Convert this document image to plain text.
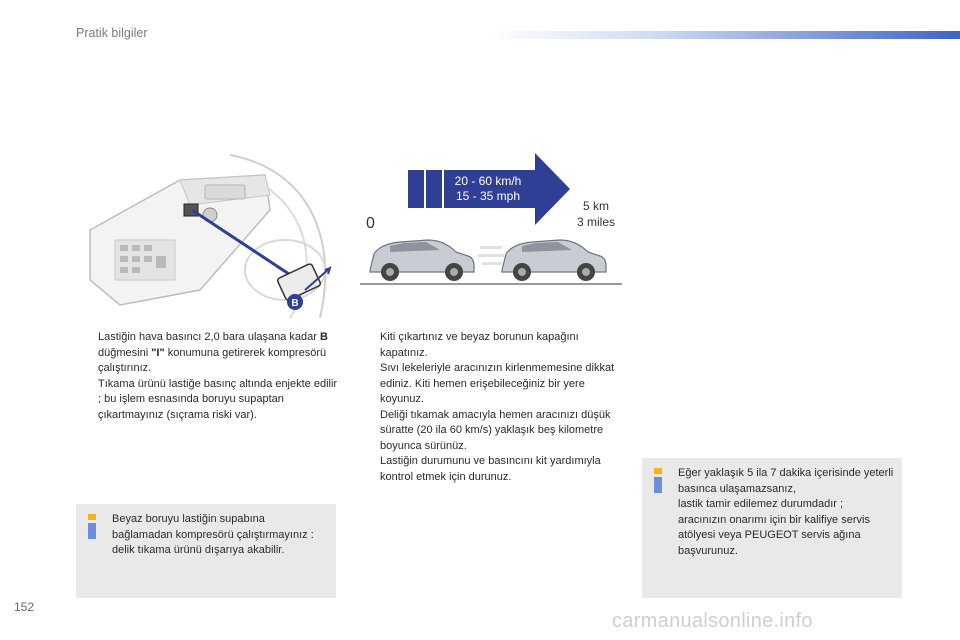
Pratik bilgiler
B
20 - 60 km/h
15 - 35 mph
0
5 km
3 miles

Lastiğin hava basıncı 2,0 bara ulaşana kadar B düğmesini "I" konumuna getirerek kompresörü çalıştırınız.

Tıkama ürünü lastiğe basınç altında enjekte edilir ; bu işlem esnasında boruyu supaptan çıkartmayınız (sıçrama riski var).

Kiti çıkartınız ve beyaz borunun kapağını kapatınız.

Sıvı lekeleriyle aracınızın kirlenmemesine dikkat ediniz. Kiti hemen erişebileceğiniz bir yere koyunuz.

Deliği tıkamak amacıyla hemen aracınızı düşük süratte (20 ila 60 km/s) yaklaşık beş kilometre boyunca sürünüz.

Lastiğin durumunu ve basıncını kit yardımıyla kontrol etmek için durunuz.

Beyaz boruyu lastiğin supabına bağlamadan kompresörü çalıştırmayınız : delik tıkama ürünü dışarıya akabilir.

Eğer yaklaşık 5 ila 7 dakika içerisinde yeterli basınca ulaşamazsanız,

lastik tamir edilemez durumdadır ;

aracınızın onarımı için bir kalifiye servis atölyesi veya PEUGEOT servis ağına başvurunuz.

152
carmanualsonline.info
